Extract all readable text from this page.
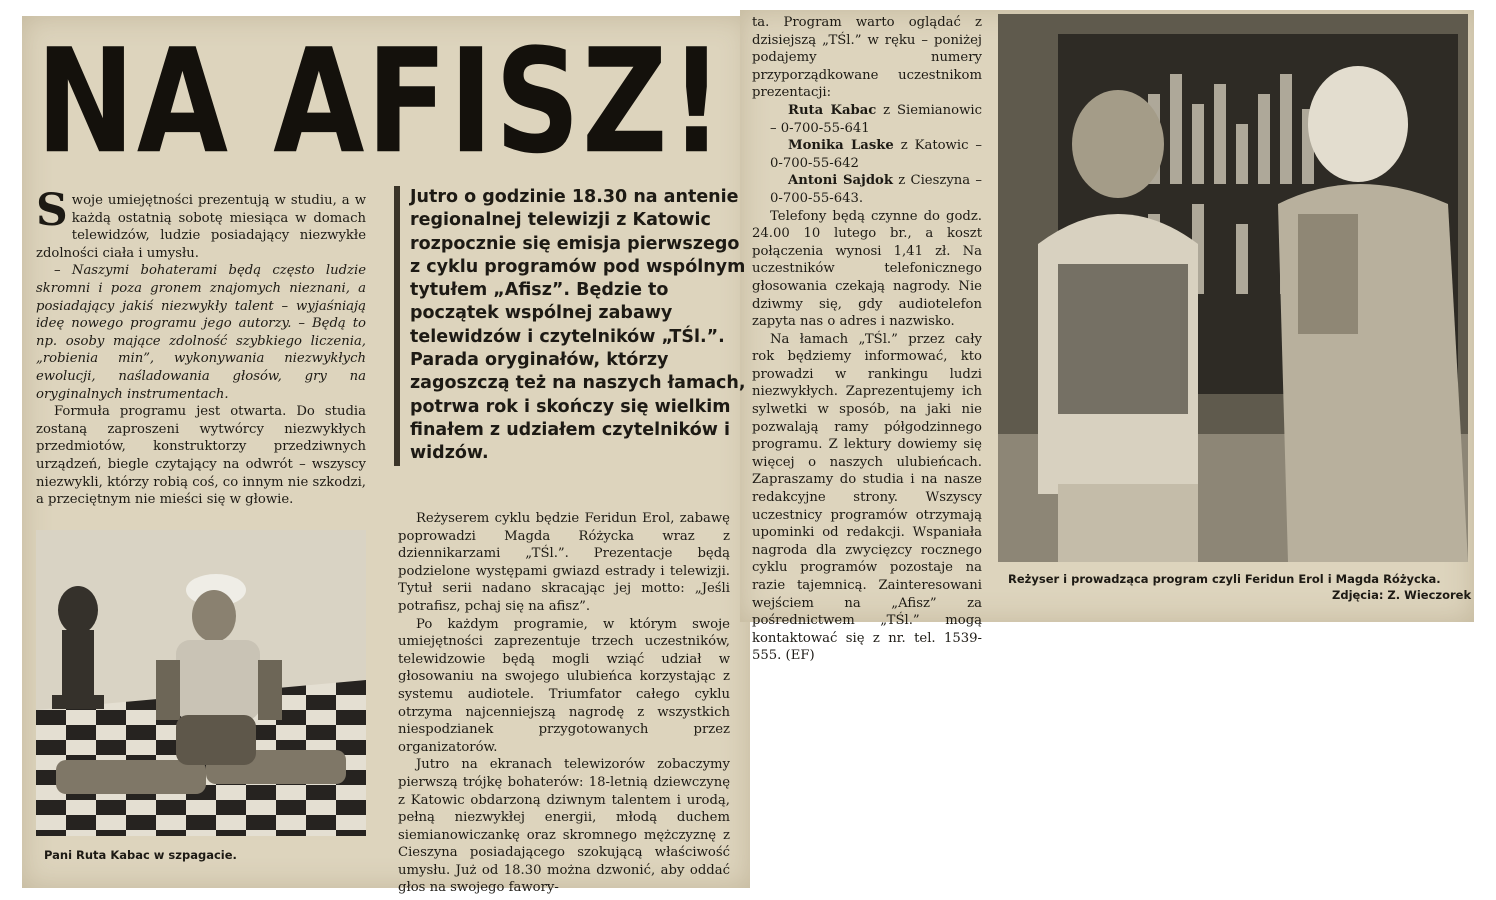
NA AFISZ!

Swoje umiejętności prezentują w studiu, a w każdą ostatnią sobotę miesiąca w domach telewidzów, ludzie posiadający niezwykłe zdolności ciała i umysłu.

– Naszymi bohaterami będą często ludzie skromni i poza gronem znajomych nieznani, a posiadający jakiś niezwykły talent – wyjaśniają ideę nowego programu jego autorzy. – Będą to np. osoby mające zdolność szybkiego liczenia, „robienia min”, wykonywania niezwykłych ewolucji, naśladowania głosów, gry na oryginalnych instrumentach.

Formuła programu jest otwarta. Do studia zostaną zaproszeni wytwórcy niezwykłych przedmiotów, konstruktorzy przedziwnych urządzeń, biegle czytający na odwrót – wszyscy niezwykli, którzy robią coś, co innym nie szkodzi, a przeciętnym nie mieści się w głowie.

Jutro o godzinie 18.30 na antenie regionalnej telewizji z Katowic rozpocznie się emisja pierwszego z cyklu programów pod wspólnym tytułem „Afisz”. Będzie to początek wspólnej zabawy telewidzów i czytelników „TŚl.”. Parada oryginałów, którzy zagoszczą też na naszych łamach, potrwa rok i skończy się wielkim finałem z udziałem czytelników i widzów.
Pani Ruta Kabac w szpagacie.

Reżyserem cyklu będzie Feridun Erol, zabawę poprowadzi Magda Różycka wraz z dziennikarzami „TŚl.”. Prezentacje będą podzielone występami gwiazd estrady i telewizji. Tytuł serii nadano skracając jej motto: „Jeśli potrafisz, pchaj się na afisz”.

Po każdym programie, w którym swoje umiejętności zaprezentuje trzech uczestników, telewidzowie będą mogli wziąć udział w głosowaniu na swojego ulubieńca korzystając z systemu audiotele. Triumfator całego cyklu otrzyma najcenniejszą nagrodę z wszystkich niespodzianek przygotowanych przez organizatorów.

Jutro na ekranach telewizorów zobaczymy pierwszą trójkę bohaterów: 18-letnią dziewczynę z Katowic obdarzoną dziwnym talentem i urodą, pełną niezwykłej energii, młodą duchem siemianowiczankę oraz skromnego mężczyznę z Cieszyna posiadającego szokującą właściwość umysłu. Już od 18.30 można dzwonić, aby oddać głos na swojego fawory-

ta. Program warto oglądać z dzisiejszą „TŚl.” w ręku – poniżej podajemy numery przyporządkowane uczestnikom prezentacji:

Ruta Kabac z Siemianowic – 0-700-55-641

Monika Laske z Katowic – 0-700-55-642

Antoni Sajdok z Cieszyna – 0-700-55-643.

Telefony będą czynne do godz. 24.00 10 lutego br., a koszt połączenia wynosi 1,41 zł. Na uczestników telefonicznego głosowania czekają nagrody. Nie dziwmy się, gdy audiotelefon zapyta nas o adres i nazwisko.

Na łamach „TŚl.” przez cały rok będziemy informować, kto prowadzi w rankingu ludzi niezwykłych. Zaprezentujemy ich sylwetki w sposób, na jaki nie pozwalają ramy półgodzinnego programu. Z lektury dowiemy się więcej o naszych ulubieńcach. Zapraszamy do studia i na nasze redakcyjne strony. Wszyscy uczestnicy programów otrzymają upominki od redakcji. Wspaniała nagroda dla zwycięzcy rocznego cyklu programów pozostaje na razie tajemnicą. Zainteresowani wejściem na „Afisz” za pośrednictwem „TŚl.” mogą kontaktować się z nr. tel. 1539-555. (EF)

Reżyser i prowadząca program czyli Feridun Erol i Magda Różycka.
Zdjęcia: Z. Wieczorek
